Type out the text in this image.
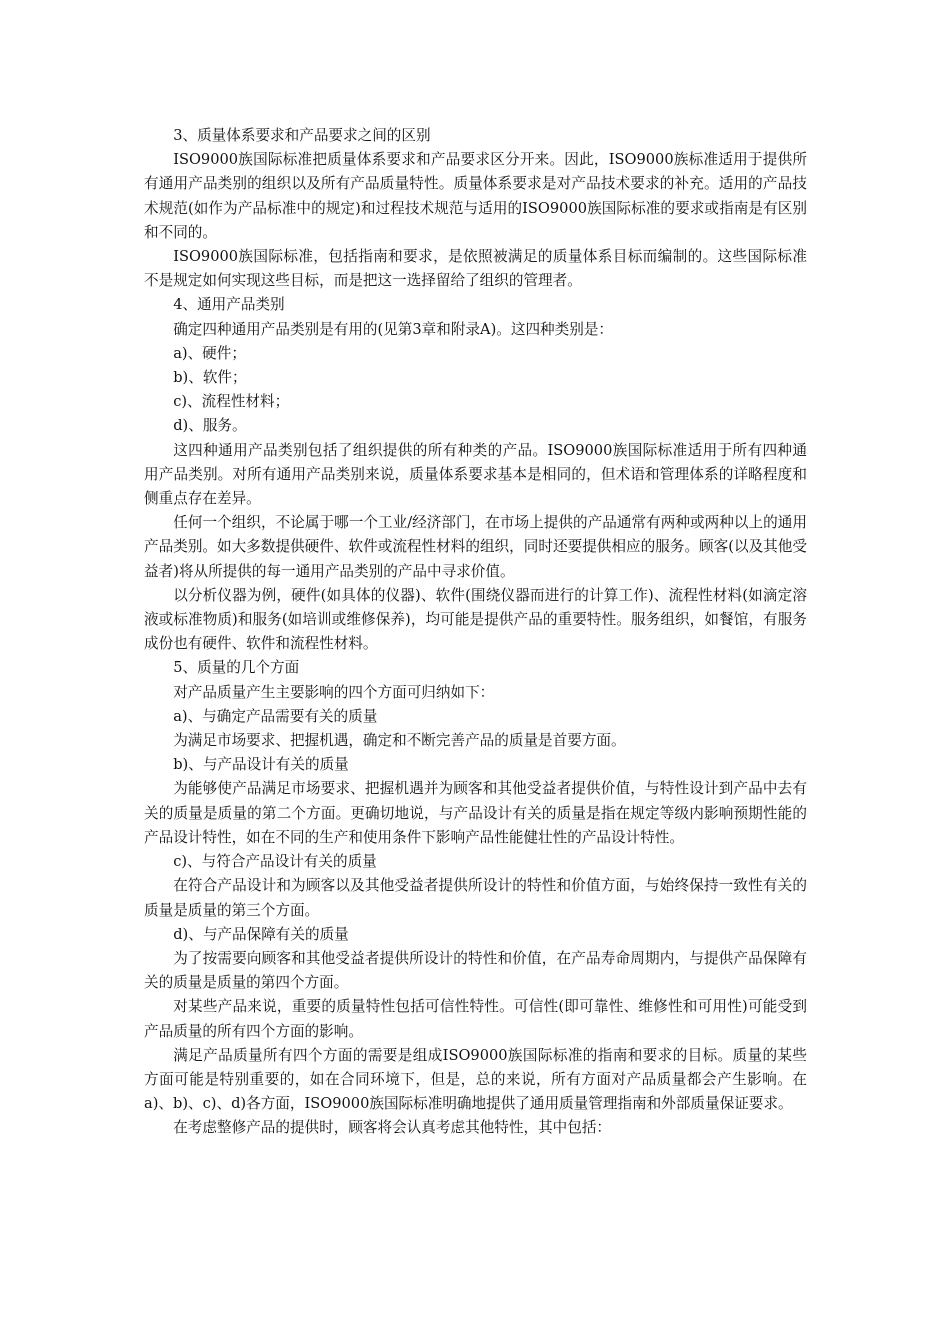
3、质量体系要求和产品要求之间的区别

ISO9000族国际标准把质量体系要求和产品要求区分开来。因此，ISO9000族标准适用于提供所有通用产品类别的组织以及所有产品质量特性。质量体系要求是对产品技术要求的补充。适用的产品技术规范(如作为产品标准中的规定)和过程技术规范与适用的ISO9000族国际标准的要求或指南是有区别和不同的。

ISO9000族国际标准，包括指南和要求，是依照被满足的质量体系目标而编制的。这些国际标准不是规定如何实现这些目标，而是把这一选择留给了组织的管理者。

4、通用产品类别

确定四种通用产品类别是有用的(见第3章和附录A)。这四种类别是：

a)、硬件；

b)、软件；

c)、流程性材料；

d)、服务。

这四种通用产品类别包括了组织提供的所有种类的产品。ISO9000族国际标准适用于所有四种通用产品类别。对所有通用产品类别来说，质量体系要求基本是相同的，但术语和管理体系的详略程度和侧重点存在差异。

任何一个组织，不论属于哪一个工业/经济部门，在市场上提供的产品通常有两种或两种以上的通用产品类别。如大多数提供硬件、软件或流程性材料的组织，同时还要提供相应的服务。顾客(以及其他受益者)将从所提供的每一通用产品类别的产品中寻求价值。

以分析仪器为例，硬件(如具体的仪器)、软件(围绕仪器而进行的计算工作)、流程性材料(如滴定溶液或标准物质)和服务(如培训或维修保养)，均可能是提供产品的重要特性。服务组织，如餐馆，有服务成份也有硬件、软件和流程性材料。

5、质量的几个方面

对产品质量产生主要影响的四个方面可归纳如下：

a)、与确定产品需要有关的质量

为满足市场要求、把握机遇，确定和不断完善产品的质量是首要方面。

b)、与产品设计有关的质量

为能够使产品满足市场要求、把握机遇并为顾客和其他受益者提供价值，与特性设计到产品中去有关的质量是质量的第二个方面。更确切地说，与产品设计有关的质量是指在规定等级内影响预期性能的产品设计特性，如在不同的生产和使用条件下影响产品性能健壮性的产品设计特性。

c)、与符合产品设计有关的质量

在符合产品设计和为顾客以及其他受益者提供所设计的特性和价值方面，与始终保持一致性有关的质量是质量的第三个方面。

d)、与产品保障有关的质量

为了按需要向顾客和其他受益者提供所设计的特性和价值，在产品寿命周期内，与提供产品保障有关的质量是质量的第四个方面。

对某些产品来说，重要的质量特性包括可信性特性。可信性(即可靠性、维修性和可用性)可能受到产品质量的所有四个方面的影响。

满足产品质量所有四个方面的需要是组成ISO9000族国际标准的指南和要求的目标。质量的某些方面可能是特别重要的，如在合同环境下，但是，总的来说，所有方面对产品质量都会产生影响。在a)、b)、c)、d)各方面，ISO9000族国际标准明确地提供了通用质量管理指南和外部质量保证要求。

在考虑整修产品的提供时，顾客将会认真考虑其他特性，其中包括：
